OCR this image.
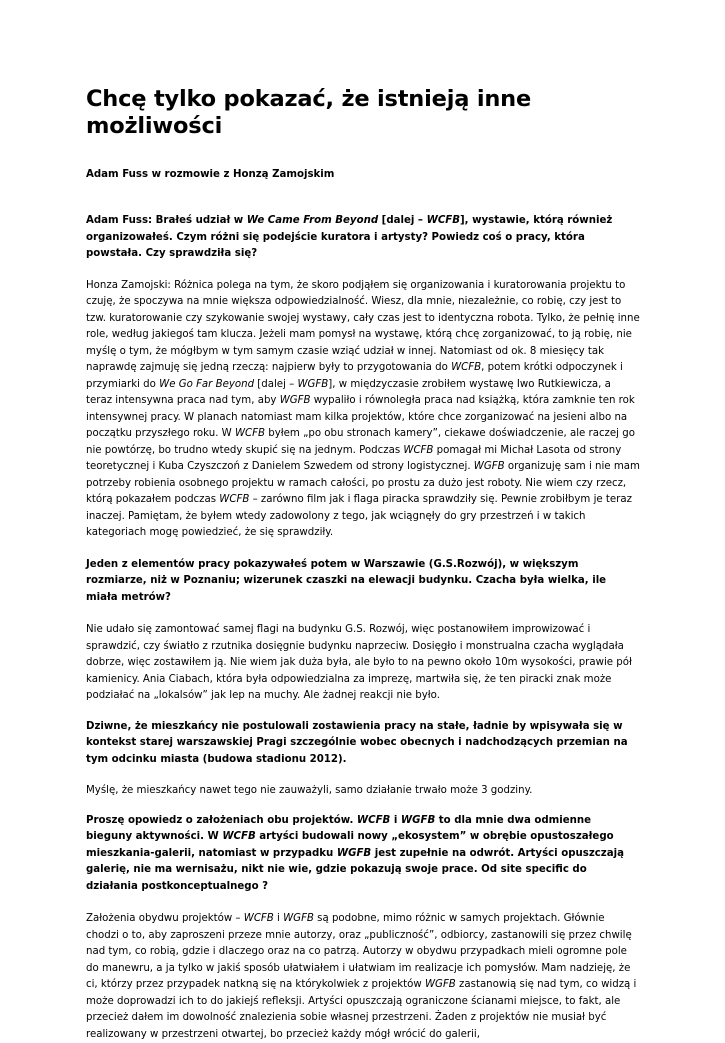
Chcę tylko pokazać, że istnieją inne możliwości
Adam Fuss w rozmowie z Honzą Zamojskim
Adam Fuss: Brałeś udział w We Came From Beyond [dalej – WCFB], wystawie, którą również organizowałeś. Czym różni się podejście kuratora i artysty? Powiedz coś o pracy, która powstała. Czy sprawdziła się?
Honza Zamojski: Różnica polega na tym, że skoro podjąłem się organizowania i kuratorowania projektu to czuję, że spoczywa na mnie większa odpowiedzialność. Wiesz, dla mnie, niezależnie, co robię, czy jest to tzw. kuratorowanie czy szykowanie swojej wystawy, cały czas jest to identyczna robota. Tylko, że pełnię inne role, według jakiegoś tam klucza. Jeżeli mam pomysł na wystawę, którą chcę zorganizować, to ją robię, nie myślę o tym, że mógłbym w tym samym czasie wziąć udział w innej. Natomiast od ok. 8 miesięcy tak naprawdę zajmuję się jedną rzeczą: najpierw były to przygotowania do WCFB, potem krótki odpoczynek i przymiarki do We Go Far Beyond [dalej – WGFB], w międzyczasie zrobiłem wystawę Iwo Rutkiewicza, a teraz intensywna praca nad tym, aby WGFB wypaliło i równoległa praca nad książką, która zamknie ten rok intensywnej pracy. W planach natomiast mam kilka projektów, które chce zorganizować na jesieni albo na początku przyszłego roku. W WCFB byłem „po obu stronach kamery”, ciekawe doświadczenie, ale raczej go nie powtórzę, bo trudno wtedy skupić się na jednym. Podczas WCFB pomagał mi Michał Lasota od strony teoretycznej i Kuba Czyszczoń z Danielem Szwedem od strony logistycznej. WGFB organizuję sam i nie mam potrzeby robienia osobnego projektu w ramach całości, po prostu za dużo jest roboty. Nie wiem czy rzecz, którą pokazałem podczas WCFB – zarówno film jak i flaga piracka sprawdziły się. Pewnie zrobiłbym je teraz inaczej. Pamiętam, że byłem wtedy zadowolony z tego, jak wciągnęły do gry przestrzeń i w takich kategoriach mogę powiedzieć, że się sprawdziły.
Jeden z elementów pracy pokazywałeś potem w Warszawie (G.S.Rozwój), w większym rozmiarze, niż w Poznaniu; wizerunek czaszki na elewacji budynku. Czacha była wielka, ile miała metrów?
Nie udało się zamontować samej flagi na budynku G.S. Rozwój, więc postanowiłem improwizować i sprawdzić, czy światło z rzutnika dosięgnie budynku naprzeciw. Dosięgło i monstrualna czacha wyglądała dobrze, więc zostawiłem ją. Nie wiem jak duża była, ale było to na pewno około 10m wysokości, prawie pół kamienicy. Ania Ciabach, która była odpowiedzialna za imprezę, martwiła się, że ten piracki znak może podziałać na „lokalsów” jak lep na muchy. Ale żadnej reakcji nie było.
Dziwne, że mieszkańcy nie postulowali zostawienia pracy na stałe, ładnie by wpisywała się w kontekst starej warszawskiej Pragi szczególnie wobec obecnych i nadchodzących przemian na tym odcinku miasta (budowa stadionu 2012).
Myślę, że mieszkańcy nawet tego nie zauważyli, samo działanie trwało może 3 godziny.
Proszę opowiedz o założeniach obu projektów. WCFB i WGFB to dla mnie dwa odmienne bieguny aktywności. W WCFB artyści budowali nowy „ekosystem” w obrębie opustoszałego mieszkania-galerii, natomiast w przypadku WGFB jest zupełnie na odwrót. Artyści opuszczają galerię, nie ma wernisażu, nikt nie wie, gdzie pokazują swoje prace. Od site specific do działania postkonceptualnego ?
Założenia obydwu projektów – WCFB i WGFB są podobne, mimo różnic w samych projektach. Głównie chodzi o to, aby zaproszeni przeze mnie autorzy, oraz „publiczność”, odbiorcy, zastanowili się przez chwilę nad tym, co robią, gdzie i dlaczego oraz na co patrzą. Autorzy w obydwu przypadkach mieli ogromne pole do manewru, a ja tylko w jakiś sposób ułatwiałem i ułatwiam im realizacje ich pomysłów. Mam nadzieję, że ci, którzy przez przypadek natkną się na którykolwiek z projektów WGFB zastanowią się nad tym, co widzą i może doprowadzi ich to do jakiejś refleksji. Artyści opuszczają ograniczone ścianami miejsce, to fakt, ale przecież dałem im dowolność znalezienia sobie własnej przestrzeni. Żaden z projektów nie musiał być realizowany w przestrzeni otwartej, bo przecież każdy mógł wrócić do galerii,
